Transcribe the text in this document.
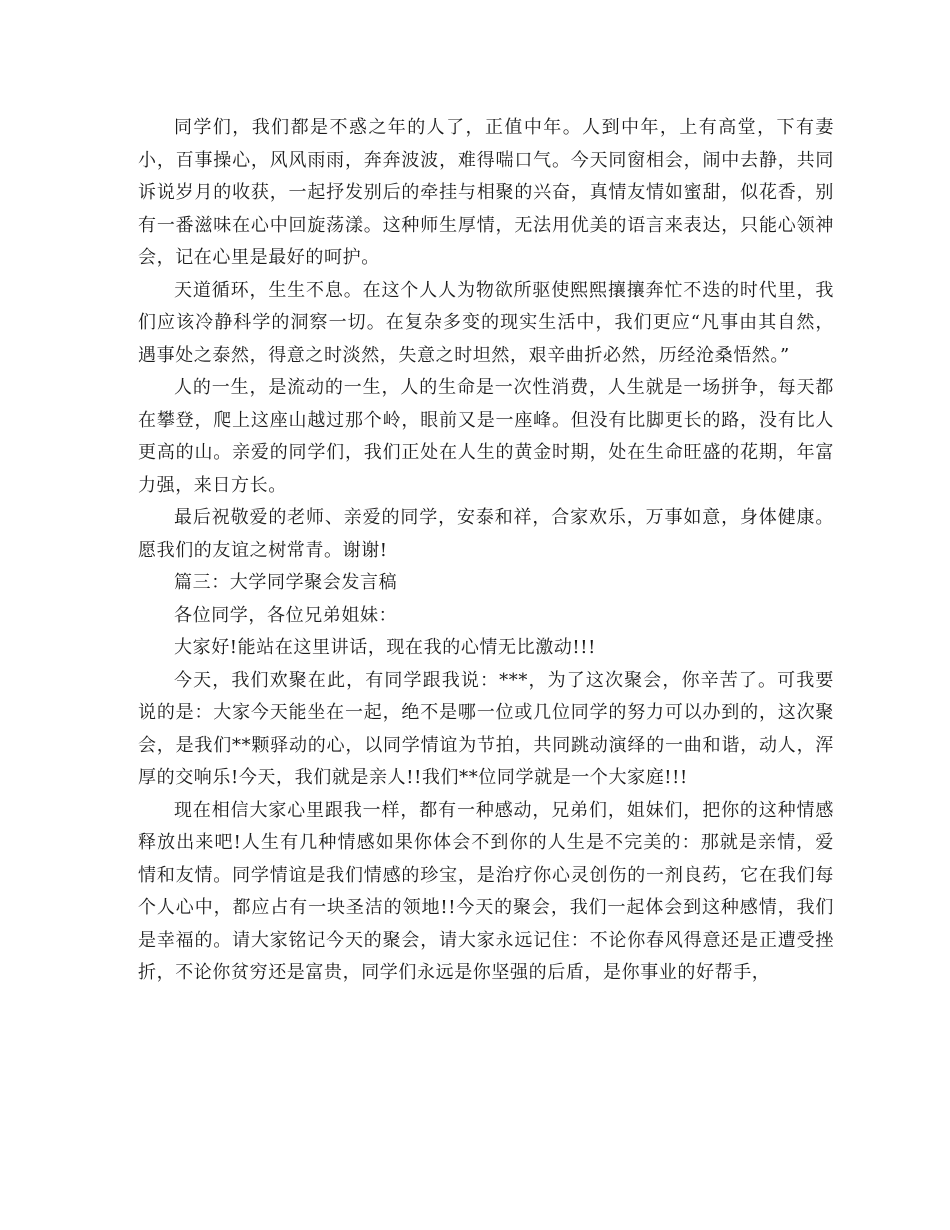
同学们，我们都是不惑之年的人了，正值中年。人到中年，上有高堂，下有妻小，百事操心，风风雨雨，奔奔波波，难得喘口气。今天同窗相会，闹中去静，共同诉说岁月的收获，一起抒发别后的牵挂与相聚的兴奋，真情友情如蜜甜，似花香，别有一番滋味在心中回旋荡漾。这种师生厚情，无法用优美的语言来表达，只能心领神会，记在心里是最好的呵护。

天道循环，生生不息。在这个人人为物欲所驱使熙熙攘攘奔忙不迭的时代里，我们应该冷静科学的洞察一切。在复杂多变的现实生活中，我们更应“凡事由其自然，遇事处之泰然，得意之时淡然，失意之时坦然，艰辛曲折必然，历经沧桑悟然。”

人的一生，是流动的一生，人的生命是一次性消费，人生就是一场拼争，每天都在攀登，爬上这座山越过那个岭，眼前又是一座峰。但没有比脚更长的路，没有比人更高的山。亲爱的同学们，我们正处在人生的黄金时期，处在生命旺盛的花期，年富力强，来日方长。

最后祝敬爱的老师、亲爱的同学，安泰和祥，合家欢乐，万事如意，身体健康。愿我们的友谊之树常青。谢谢!

篇三：大学同学聚会发言稿

各位同学，各位兄弟姐妹：

大家好!能站在这里讲话，现在我的心情无比激动!!!

今天，我们欢聚在此，有同学跟我说：***，为了这次聚会，你辛苦了。可我要说的是：大家今天能坐在一起，绝不是哪一位或几位同学的努力可以办到的，这次聚会，是我们**颗驿动的心，以同学情谊为节拍，共同跳动演绎的一曲和谐，动人，浑厚的交响乐!今天，我们就是亲人!!我们**位同学就是一个大家庭!!!

现在相信大家心里跟我一样，都有一种感动，兄弟们，姐妹们，把你的这种情感释放出来吧!人生有几种情感如果你体会不到你的人生是不完美的：那就是亲情，爱情和友情。同学情谊是我们情感的珍宝，是治疗你心灵创伤的一剂良药，它在我们每个人心中，都应占有一块圣洁的领地!!今天的聚会，我们一起体会到这种感情，我们是幸福的。请大家铭记今天的聚会，请大家永远记住：不论你春风得意还是正遭受挫折，不论你贫穷还是富贵，同学们永远是你坚强的后盾，是你事业的好帮手，
